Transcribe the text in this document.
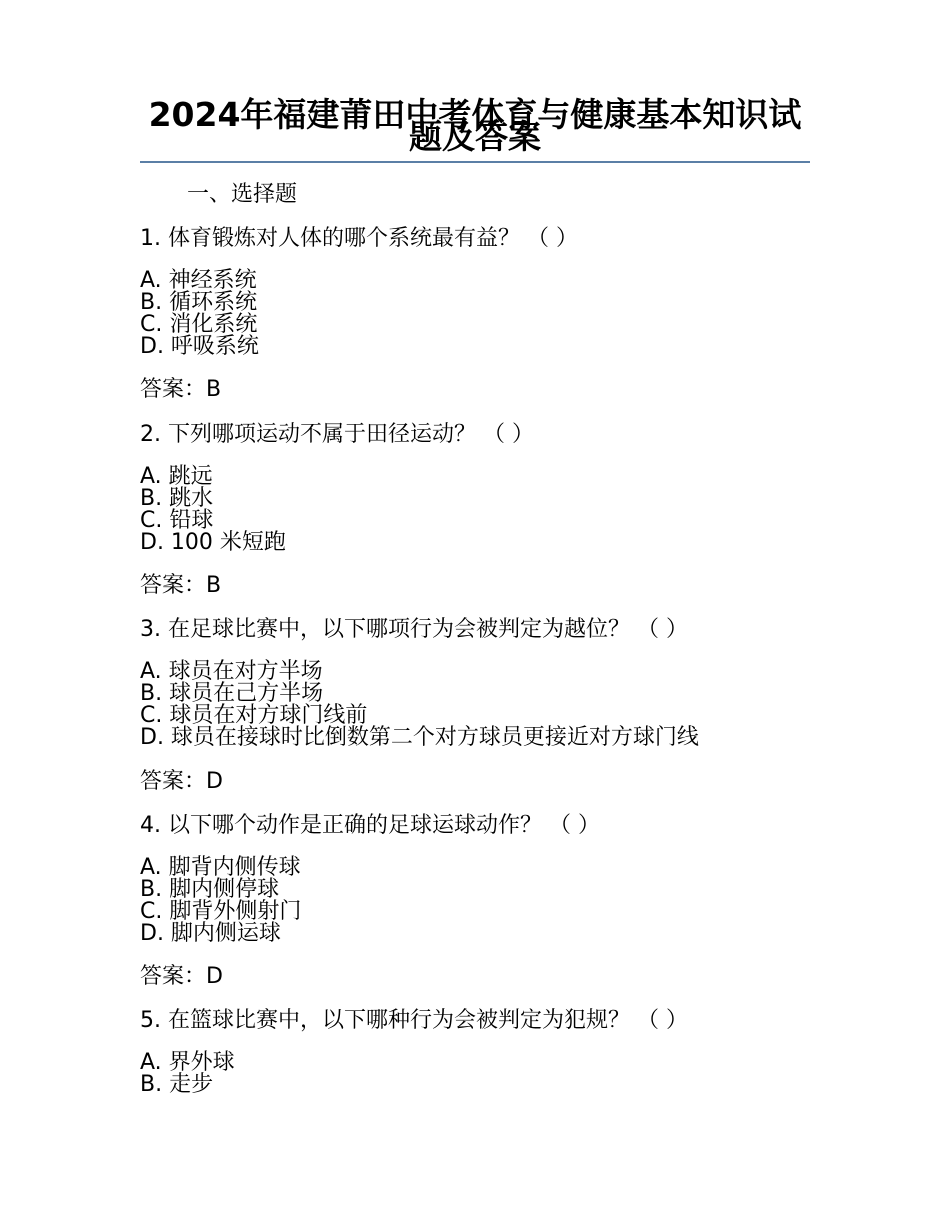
2024年福建莆田中考体育与健康基本知识试题及答案
一、选择题
1. 体育锻炼对人体的哪个系统最有益？ （ ）
A. 神经系统
B. 循环系统
C. 消化系统
D. 呼吸系统
答案：B
2. 下列哪项运动不属于田径运动？ （ ）
A. 跳远
B. 跳水
C. 铅球
D. 100 米短跑
答案：B
3. 在足球比赛中，以下哪项行为会被判定为越位？ （ ）
A. 球员在对方半场
B. 球员在己方半场
C. 球员在对方球门线前
D. 球员在接球时比倒数第二个对方球员更接近对方球门线
答案：D
4. 以下哪个动作是正确的足球运球动作？ （ ）
A. 脚背内侧传球
B. 脚内侧停球
C. 脚背外侧射门
D. 脚内侧运球
答案：D
5. 在篮球比赛中，以下哪种行为会被判定为犯规？ （ ）
A. 界外球
B. 走步
